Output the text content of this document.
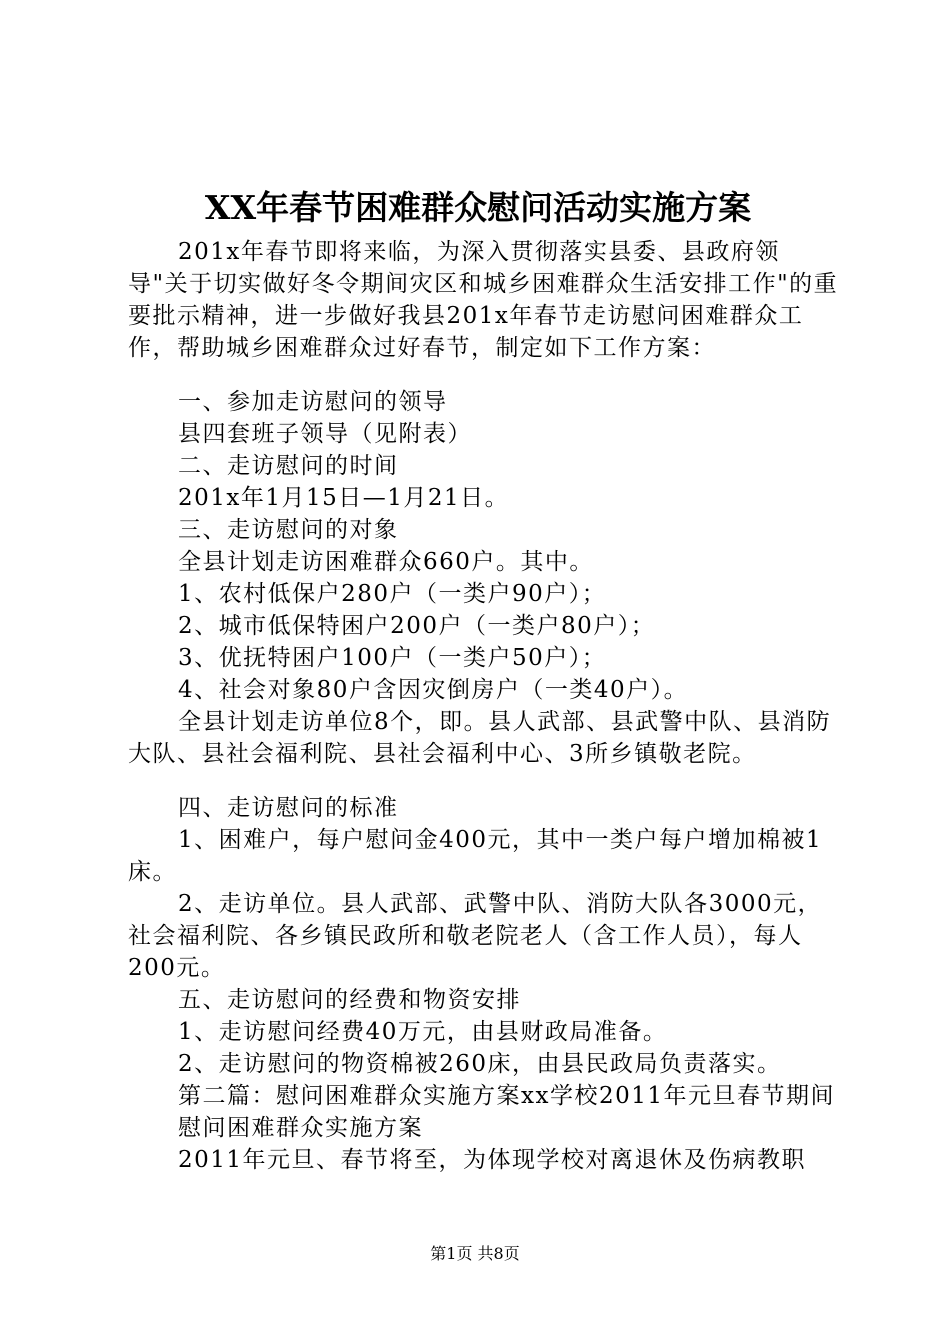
XX年春节困难群众慰问活动实施方案

201x年春节即将来临，为深入贯彻落实县委、县政府领导"关于切实做好冬令期间灾区和城乡困难群众生活安排工作"的重要批示精神，进一步做好我县201x年春节走访慰问困难群众工作，帮助城乡困难群众过好春节，制定如下工作方案：

一、参加走访慰问的领导

县四套班子领导（见附表）

二、走访慰问的时间

201x年1月15日—1月21日。

三、走访慰问的对象

全县计划走访困难群众660户。其中。

1、农村低保户280户（一类户90户）；

2、城市低保特困户200户（一类户80户）；

3、优抚特困户100户（一类户50户）；

4、社会对象80户含因灾倒房户（一类40户）。

全县计划走访单位8个，即。县人武部、县武警中队、县消防大队、县社会福利院、县社会福利中心、3所乡镇敬老院。

四、走访慰问的标准

1、困难户，每户慰问金400元，其中一类户每户增加棉被1床。

2、走访单位。县人武部、武警中队、消防大队各3000元，社会福利院、各乡镇民政所和敬老院老人（含工作人员），每人200元。

五、走访慰问的经费和物资安排

1、走访慰问经费40万元，由县财政局准备。

2、走访慰问的物资棉被260床，由县民政局负责落实。

第二篇：慰问困难群众实施方案xx学校2011年元旦春节期间

慰问困难群众实施方案

2011年元旦、春节将至，为体现学校对离退休及伤病教职

第1页 共8页
